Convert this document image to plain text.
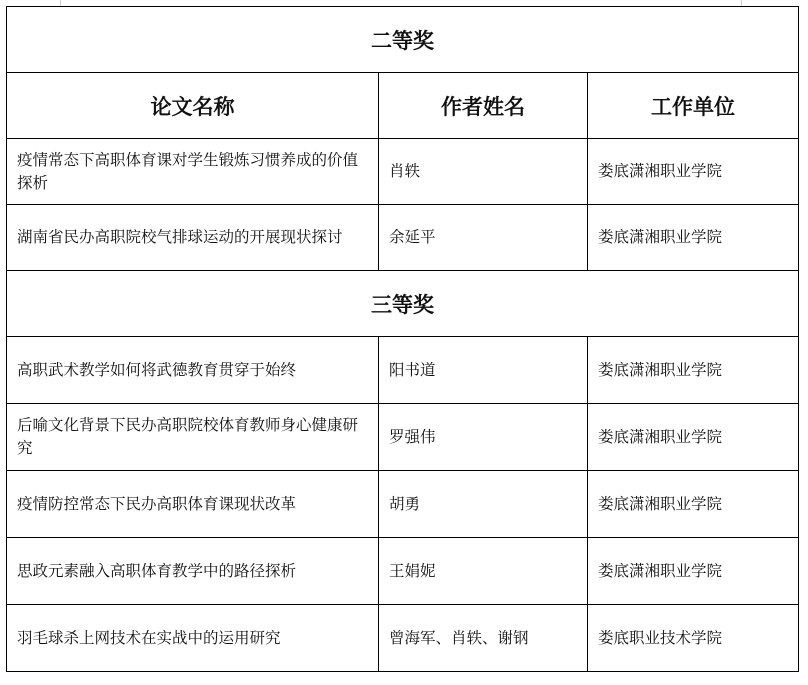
二等奖		
论文名称	作者姓名	工作单位
疫情常态下高职体育课对学生锻炼习惯养成的价值探析	肖轶	娄底潇湘职业学院
湖南省民办高职院校气排球运动的开展现状探讨	余延平	娄底潇湘职业学院
三等奖		
高职武术教学如何将武德教育贯穿于始终	阳书道	娄底潇湘职业学院
后喻文化背景下民办高职院校体育教师身心健康研究	罗强伟	娄底潇湘职业学院
疫情防控常态下民办高职体育课现状改革	胡勇	娄底潇湘职业学院
思政元素融入高职体育教学中的路径探析	王娟妮	娄底潇湘职业学院
羽毛球杀上网技术在实战中的运用研究	曾海军、肖轶、谢钢	娄底职业技术学院
